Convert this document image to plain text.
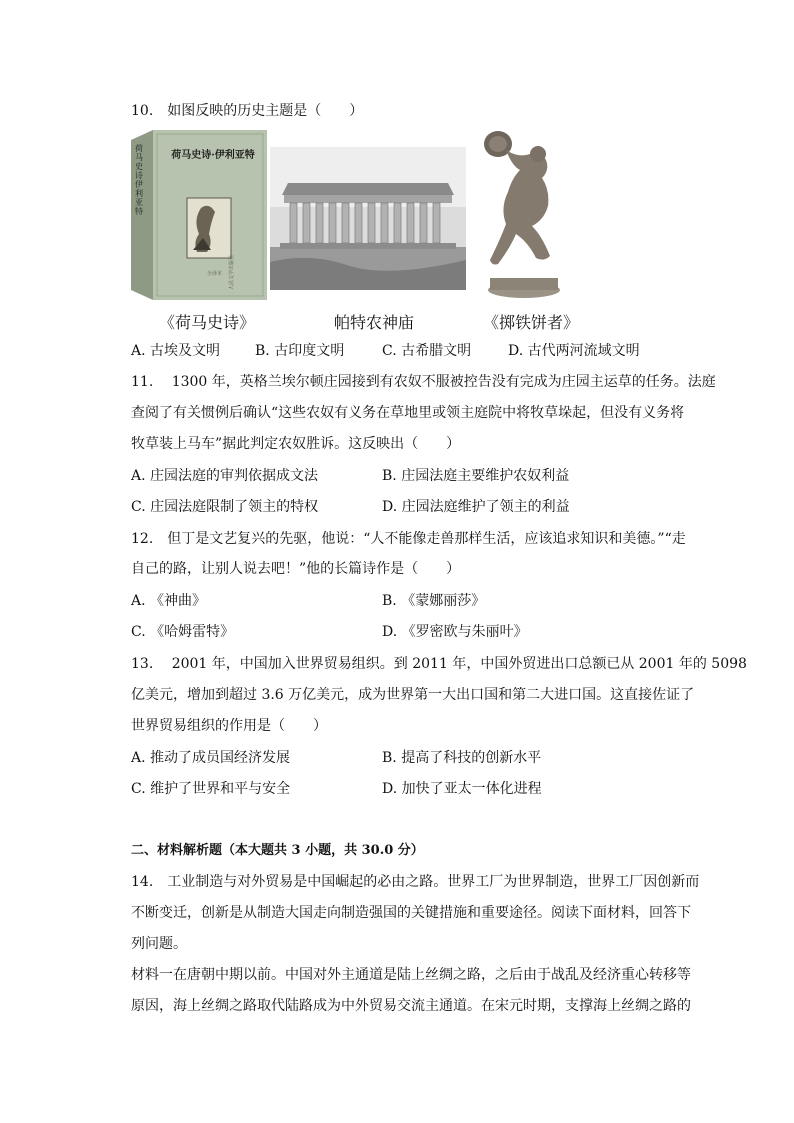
10. 如图反映的历史主题是（　　）
人民文学出版社
全译本
荷马史诗·伊利亚特
荷马史诗 伊利亚特
《荷马史诗》	帕特农神庙	《掷铁饼者》
A. 古埃及文明 B. 古印度文明	C. 古希腊文明	D. 古代两河流域文明
11.  1300 年，英格兰埃尔顿庄园接到有农奴不服被控告没有完成为庄园主运草的任务。法庭
查阅了有关惯例后确认“这些农奴有义务在草地里或领主庭院中将牧草垛起，但没有义务将
牧草装上马车”据此判定农奴胜诉。这反映出（　　）
A. 庄园法庭的审判依据成文法	B. 庄园法庭主要维护农奴利益
C. 庄园法庭限制了领主的特权	D. 庄园法庭维护了领主的利益
12. 但丁是文艺复兴的先驱，他说：“人不能像走兽那样生活，应该追求知识和美德。”“走
自己的路，让别人说去吧！”他的长篇诗作是（　　）
A. 《神曲》	B. 《蒙娜丽莎》
C. 《哈姆雷特》	D. 《罗密欧与朱丽叶》
13.  2001 年，中国加入世界贸易组织。到 2011 年，中国外贸进出口总额已从 2001 年的 5098
亿美元，增加到超过 3.6 万亿美元，成为世界第一大出口国和第二大进口国。这直接佐证了
世界贸易组织的作用是（　　）
A. 推动了成员国经济发展	B. 提高了科技的创新水平
C. 维护了世界和平与安全	D. 加快了亚太一体化进程
二、材料解析题（本大题共 3 小题，共 30.0 分）
14. 工业制造与对外贸易是中国崛起的必由之路。世界工厂为世界制造，世界工厂因创新而
不断变迁，创新是从制造大国走向制造强国的关键措施和重要途径。阅读下面材料，回答下
列问题。
材料一在唐朝中期以前。中国对外主通道是陆上丝绸之路，之后由于战乱及经济重心转移等
原因，海上丝绸之路取代陆路成为中外贸易交流主通道。在宋元时期，支撑海上丝绸之路的
